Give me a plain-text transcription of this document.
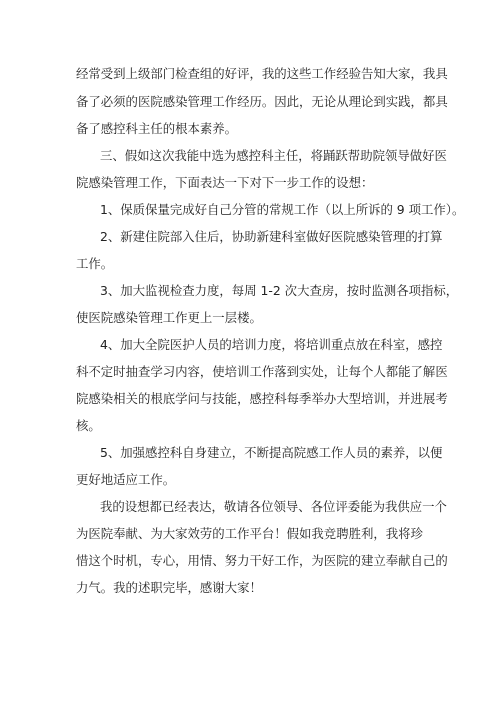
经常受到上级部门检查组的好评，我的这些工作经验告知大家，我具
备了必须的医院感染管理工作经历。因此，无论从理论到实践，都具
备了感控科主任的根本素养。
三、假如这次我能中选为感控科主任，将踊跃帮助院领导做好医
院感染管理工作，下面表达一下对下一步工作的设想：
1、保质保量完成好自己分管的常规工作（以上所诉的 9 项工作）。
2、新建住院部入住后，协助新建科室做好医院感染管理的打算
工作。
3、加大监视检查力度，每周 1-2 次大查房，按时监测各项指标，
使医院感染管理工作更上一层楼。
4、加大全院医护人员的培训力度，将培训重点放在科室，感控
科不定时抽查学习内容，使培训工作落到实处，让每个人都能了解医
院感染相关的根底学问与技能，感控科每季举办大型培训，并进展考
核。
5、加强感控科自身建立，不断提高院感工作人员的素养，以便
更好地适应工作。
我的设想都已经表达，敬请各位领导、各位评委能为我供应一个
为医院奉献、为大家效劳的工作平台！假如我竞聘胜利，我将珍
惜这个时机，专心，用情、努力干好工作，为医院的建立奉献自己的
力气。我的述职完毕，感谢大家！
